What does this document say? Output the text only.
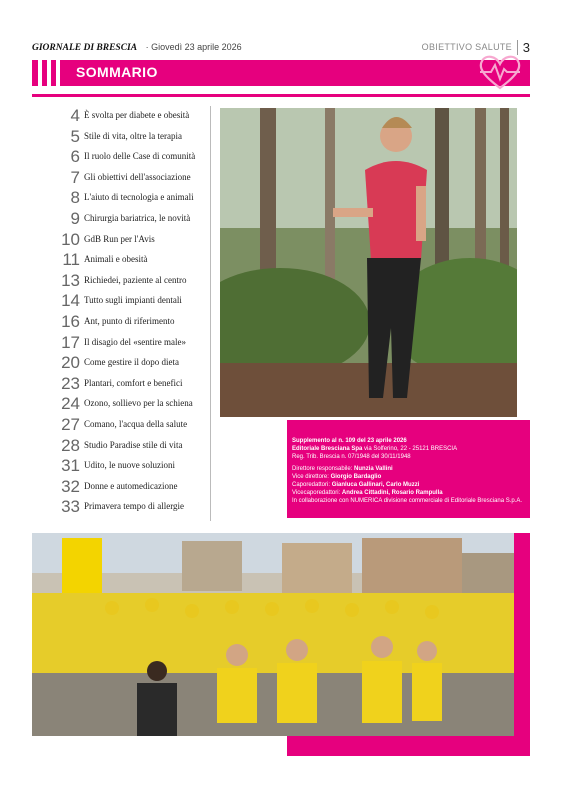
GIORNALE DI BRESCIA · Giovedì 23 aprile 2026	OBIETTIVO SALUTE 3
SOMMARIO
4 È svolta per diabete e obesità
5 Stile di vita, oltre la terapia
6 Il ruolo delle Case di comunità
7 Gli obiettivi dell'associazione
8 L'aiuto di tecnologia e animali
9 Chirurgia bariatrica, le novità
10 GdB Run per l'Avis
11 Animali e obesità
13 Richiedei, paziente al centro
14 Tutto sugli impianti dentali
16 Ant, punto di riferimento
17 Il disagio del «sentire male»
20 Come gestire il dopo dieta
23 Plantari, comfort e benefici
24 Ozono, sollievo per la schiena
27 Comano, l'acqua della salute
28 Studio Paradise stile di vita
31 Udito, le nuove soluzioni
32 Donne e automedicazione
33 Primavera tempo di allergie
Supplemento al n. 109 del 23 aprile 2026
Editoriale Bresciana Spa via Solferino, 22 - 25121 BRESCIA
Reg. Trib. Brescia n. 07/1948 del 30/11/1948
Direttore responsabile: Nunzia Vallini
Vice direttore: Giorgio Bardaglio
Caporedattori: Gianluca Gallinari, Carlo Muzzi
Vicecaporedattori: Andrea Cittadini, Rosario Rampulla
In collaborazione con NUMERICA divisione commerciale di Editoriale Bresciana S.p.A.
